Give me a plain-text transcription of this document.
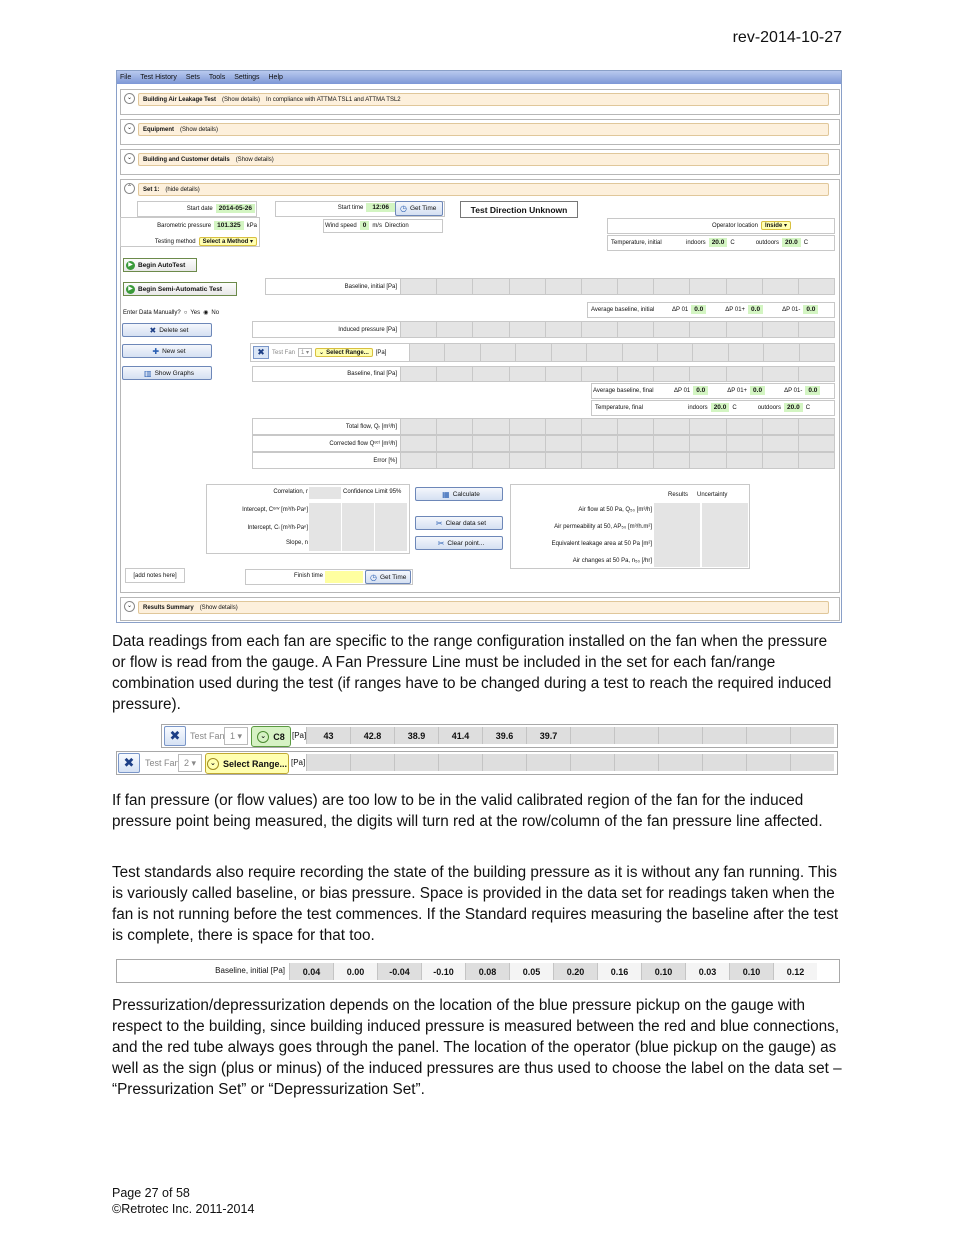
rev-2014-10-27
File Test History Sets Tools Settings Help
⌄	Building Air Leakage Test (Show details) In compliance with ATTMA TSL1 and ATTMA TSL2
⌄	Equipment (Show details)
⌄	Building and Customer details (Show details)
⌃	Set 1: (hide details)
Start date 2014-05-26
Barometric pressure 101.325	kPa
Testing method	Select a Method ▾
Start time	12:06	◷ Get Time
Wind speed 0	m/s Direction
Test Direction Unknown
Operator location	Inside ▾
Temperature, initial	indoors 20.0	C	outdoors 20.0	C
▶ Begin AutoTest
▶ Begin Semi-Automatic Test	Baseline, initial [Pa]
Average baseline, initial	ΔP 01 0.0	ΔP 01+ 0.0	ΔP 01- 0.0
Enter Data Manually? ○ Yes ◉ No
Induced pressure [Pa]
✖ Delete set
✚ New set
▥ Show Graphs
✖	Test Fan	1 ▾	⌄ Select Range... [Pa]
Baseline, final [Pa]
Average baseline, final	ΔP 01 0.0	ΔP 01+ 0.0	ΔP 01- 0.0
Temperature, final	indoors 20.0	C	outdoors 20.0	C
Total flow, Qᵣ [m³/h]
Corrected flow Qᵉᶜᵗ [m³/h]
Error [%]
Correlation, r	Confidence Limit 95%
Intercept, Cᵉⁿᵛ [m³/h·Paⁿ]
Intercept, Cₗ [m³/h·Paⁿ]
Slope, n
▦ Calculate
✂ Clear data set
✂ Clear point...
Results Uncertainty
Air flow at 50 Pa, Q₅₀ [m³/h]
Air permeability at 50, AP₅₀ [m³/h.m²]
Equivalent leakage area at 50 Pa [m²]
Air changes at 50 Pa, n₅₀ [/hr]
[add notes here]	Finish time	◷ Get Time
⌄	Results Summary (Show details)

Data readings from each fan are specific to the range configuration installed on the fan when the pressure or flow is read from the gauge. A Fan Pressure Line must be included in the set for each fan/range combination used during the test (if ranges have to be changed during a test to reach the required induced pressure).

✖	Test Fan 1 ▾	⌄ C8 [Pa]	43	42.8	38.9	41.4	39.6	39.7
✖	Test Fan 2 ▾	⌄ Select Range... [Pa]

If fan pressure (or flow values) are too low to be in the valid calibrated region of the fan for the induced pressure point being measured, the digits will turn red at the row/column of the fan pressure line affected.

Test standards also require recording the state of the building pressure as it is without any fan running. This is variously called baseline, or bias pressure. Space is provided in the data set for readings taken when the fan is not running before the test commences. If the Standard requires measuring the baseline after the test is complete, there is space for that too.

Baseline, initial [Pa]	0.04	0.00	-0.04	-0.10	0.08	0.05	0.20	0.16	0.10	0.03	0.10	0.12

Pressurization/depressurization depends on the location of the blue pressure pickup on the gauge with respect to the building, since building induced pressure is measured between the red and blue connections, and the red tube always goes through the panel. The location of the operator (blue pickup on the gauge) as well as the sign (plus or minus) of the induced pressures are thus used to choose the label on the data set – “Pressurization Set” or “Depressurization Set”.

Page 27 of 58
©Retrotec Inc. 2011-2014
